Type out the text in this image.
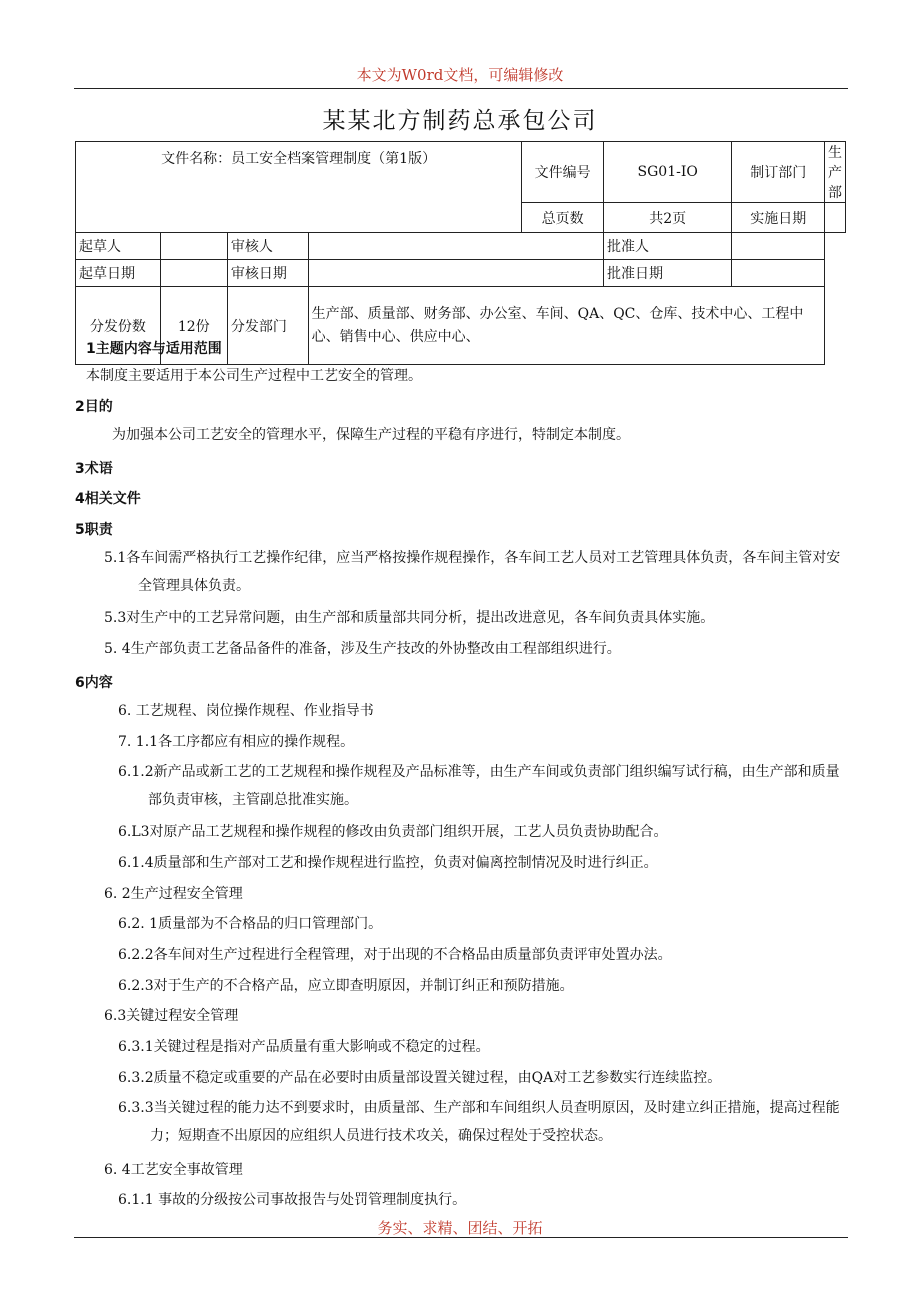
本文为W0rd文档，可编辑修改
某某北方制药总承包公司
文件名称：员工安全档案管理制度（第1版）				文件编号	SG01-IO	制订部门	生产部
				总页数	共2页	实施日期	
起草人		审核人			批准人		
起草日期		审核日期			批准日期		
分发份数	12份	分发部门	生产部、质量部、财务部、办公室、车间、QA、QC、仓库、技术中心、工程中心、销售中心、供应中心、				
1主题内容与适用范围
本制度主要适用于本公司生产过程中工艺安全的管理。
2目的
为加强本公司工艺安全的管理水平，保障生产过程的平稳有序进行，特制定本制度。
3术语
4相关文件
5职责
5.1各车间需严格执行工艺操作纪律，应当严格按操作规程操作，各车间工艺人员对工艺管理具体负责，各车间主管对安全管理具体负责。
5.3对生产中的工艺异常问题，由生产部和质量部共同分析，提出改进意见，各车间负责具体实施。
5. 4生产部负责工艺备品备件的准备，涉及生产技改的外协整改由工程部组织进行。
6内容
6. 工艺规程、岗位操作规程、作业指导书
7. 1.1各工序都应有相应的操作规程。
6.1.2新产品或新工艺的工艺规程和操作规程及产品标准等，由生产车间或负责部门组织编写试行稿，由生产部和质量部负责审核，主管副总批准实施。
6.L3对原产品工艺规程和操作规程的修改由负责部门组织开展，工艺人员负责协助配合。
6.1.4质量部和生产部对工艺和操作规程进行监控，负责对偏离控制情况及时进行纠正。
6. 2生产过程安全管理
6.2. 1质量部为不合格品的归口管理部门。
6.2.2各车间对生产过程进行全程管理，对于出现的不合格品由质量部负责评审处置办法。
6.2.3对于生产的不合格产品，应立即查明原因，并制订纠正和预防措施。
6.3关键过程安全管理
6.3.1关键过程是指对产品质量有重大影响或不稳定的过程。
6.3.2质量不稳定或重要的产品在必要时由质量部设置关键过程，由QA对工艺参数实行连续监控。
6.3.3当关键过程的能力达不到要求时，由质量部、生产部和车间组织人员查明原因，及时建立纠正措施，提高过程能力；短期查不出原因的应组织人员进行技术攻关，确保过程处于受控状态。
6. 4工艺安全事故管理
6.1.1 事故的分级按公司事故报告与处罚管理制度执行。
务实、求精、团结、开拓
